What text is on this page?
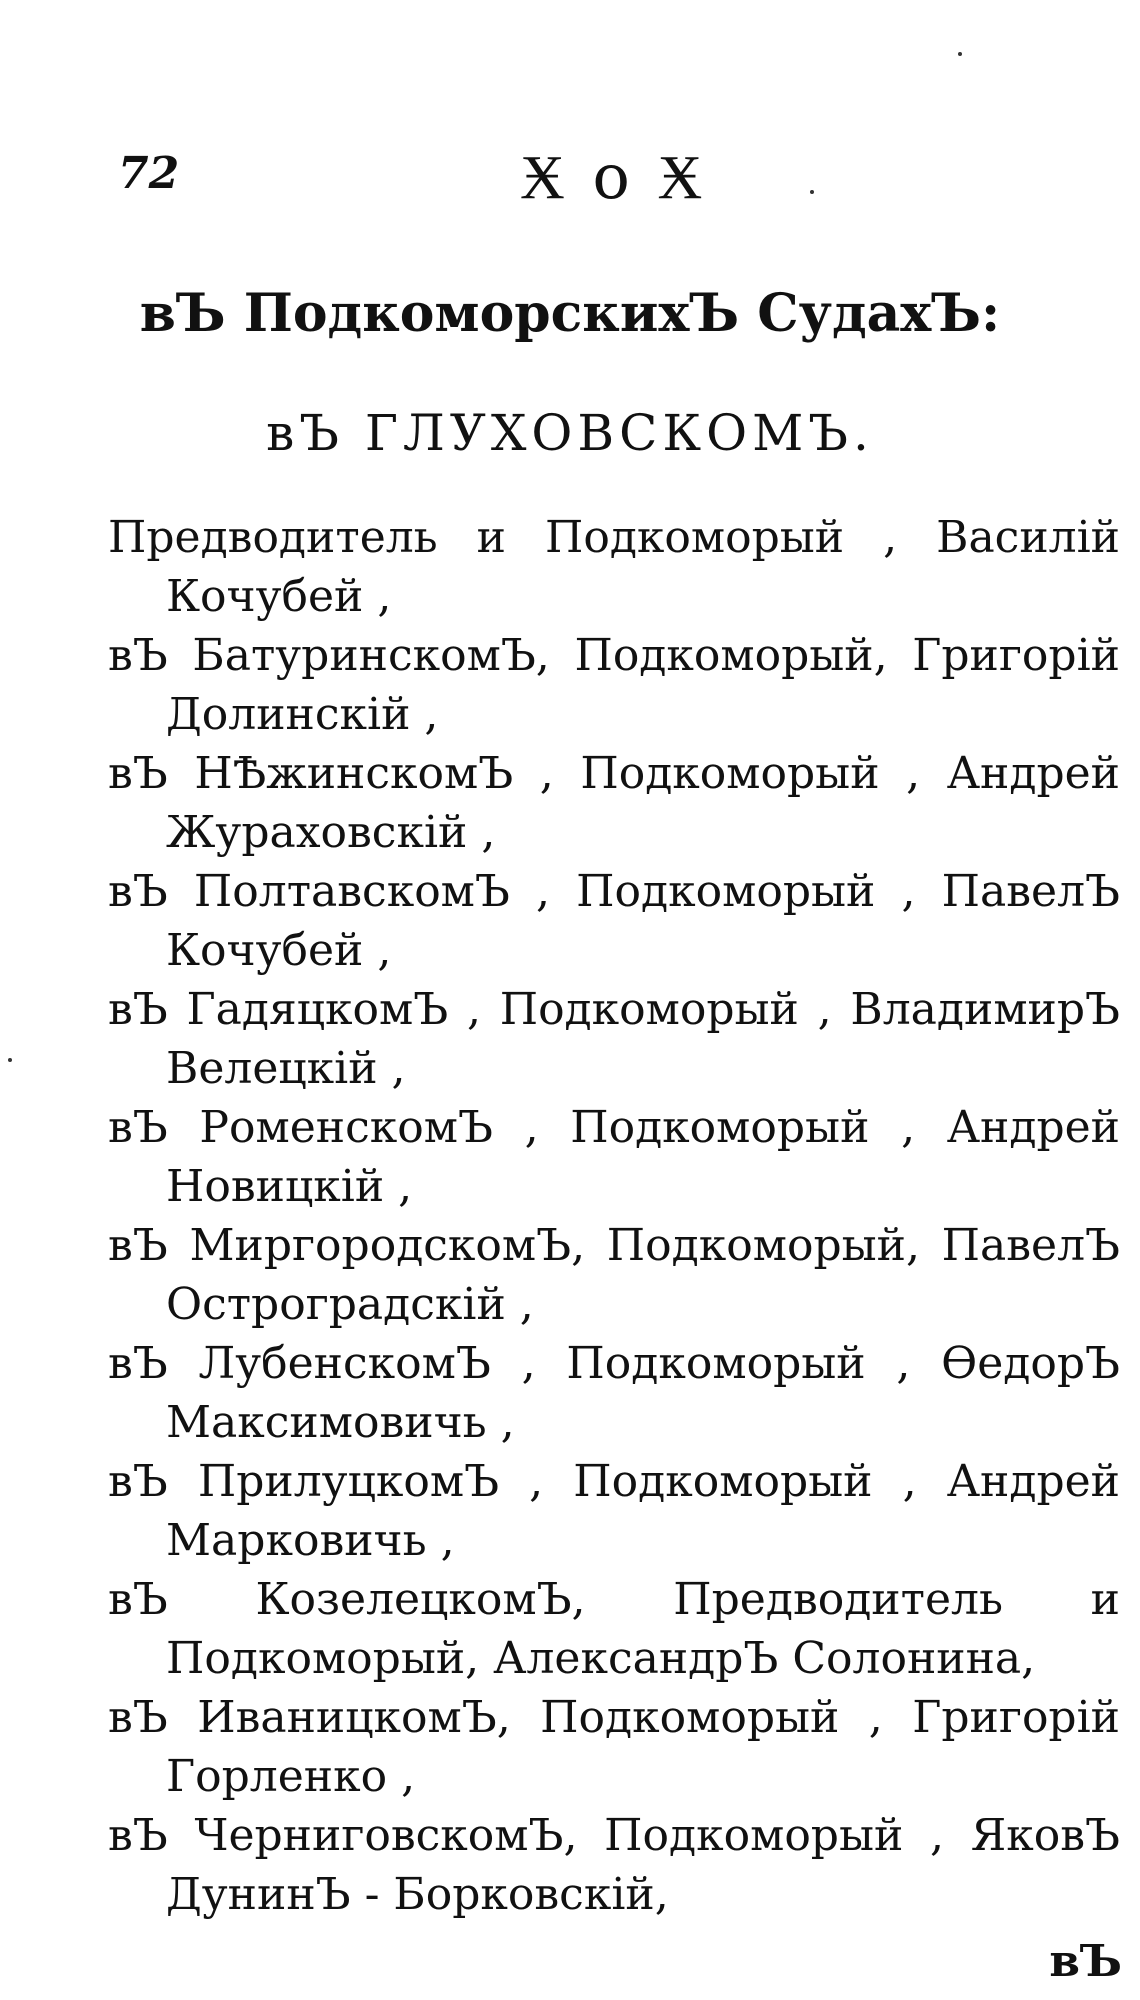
72	Ӿ о Ӿ
вЪ ПодкоморскихЪ СудахЪ:
вЪ ГЛУХОВСКОМЪ.

Предводитель и Подкоморый , Василій Кочубей ,

вЪ БатуринскомЪ, Подкоморый, Григорій Долинскій ,

вЪ НѢжинскомЪ , Подкоморый , Андрей Жураховскій ,

вЪ ПолтавскомЪ , Подкоморый , ПавелЪ Кочубей ,

вЪ ГадяцкомЪ , Подкоморый , ВладимирЪ Велецкій ,

вЪ РоменскомЪ , Подкоморый , Андрей Новицкій ,

вЪ МиргородскомЪ, Подкоморый, ПавелЪ Остроградскій ,

вЪ ЛубенскомЪ , Подкоморый , ѲедорЪ Максимовичь ,

вЪ ПрилуцкомЪ , Подкоморый , Андрей Марковичь ,

вЪ КозелецкомЪ, Предводитель и Подкоморый, АлександрЪ Солонина,

вЪ ИваницкомЪ, Подкоморый , Григорій Горленко ,

вЪ ЧерниговскомЪ, Подкоморый , ЯковЪ ДунинЪ - Борковскій,

вЪ
